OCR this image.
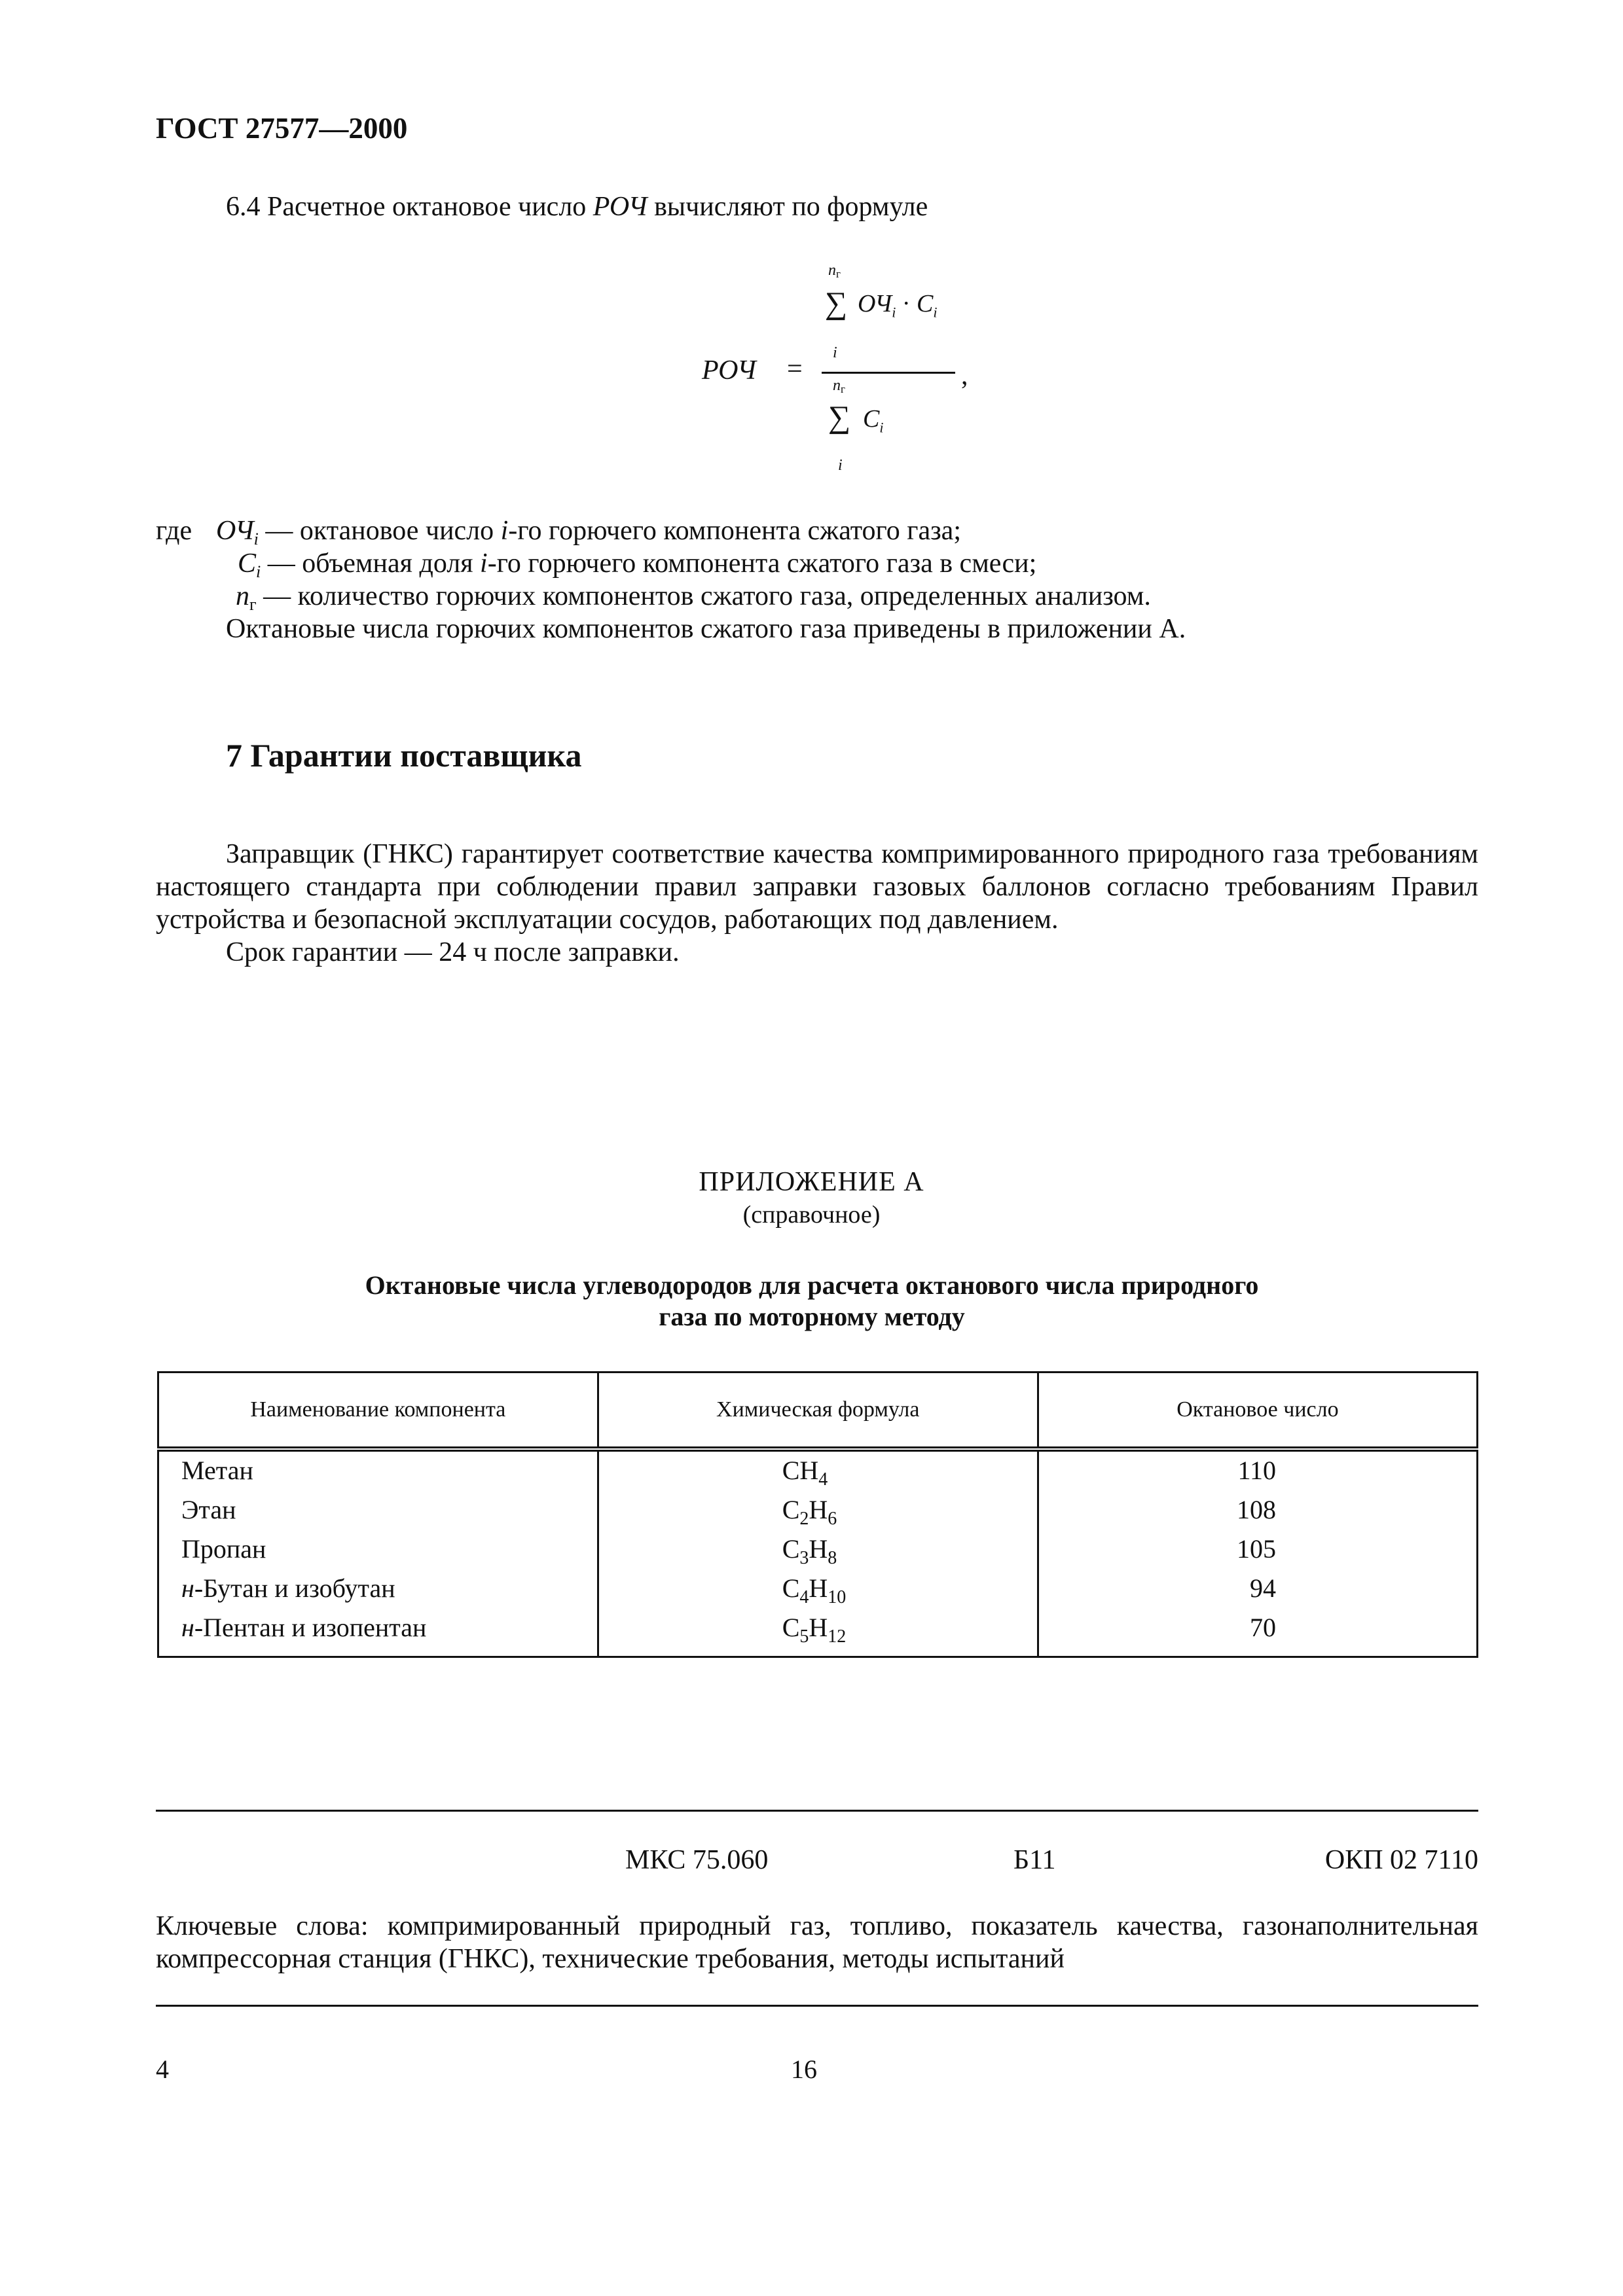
ГОСТ 27577—2000
6.4 Расчетное октановое число РОЧ вычисляют по формуле
РОЧ =
nг
∑ $ОЧ_i \cdot C_i$
i
,
nг
∑ $C_i$
i
где $ОЧ_i$ — октановое число i-го горючего компонента сжатого газа;
$C_i$ — объемная доля i-го горючего компонента сжатого газа в смеси;
$n_г$ — количество горючих компонентов сжатого газа, определенных анализом.
Октановые числа горючих компонентов сжатого газа приведены в приложении А.
7 Гарантии поставщика
Заправщик (ГНКС) гарантирует соответствие качества компримированного природного газа требованиям настоящего стандарта при соблюдении правил заправки газовых баллонов согласно требованиям Правил устройства и безопасной эксплуатации сосудов, работающих под давлением.
Срок гарантии — 24 ч после заправки.
ПРИЛОЖЕНИЕ А
(справочное)
Октановые числа углеводородов для расчета октанового числа природного
газа по моторному методу
Наименование компонента	Химическая формула	Октановое число
Метан	$CH_4$	110
Этан	$C_2H_6$	108
Пропан	$C_3H_8$	105
н-Бутан и изобутан	$C_4H_{10}$	94
н-Пентан и изопентан	$C_5H_{12}$	70
МКС 75.060	Б11	ОКП 02 7110
Ключевые слова: компримированный природный газ, топливо, показатель качества, газонаполнительная компрессорная станция (ГНКС), технические требования, методы испытаний
4	16
